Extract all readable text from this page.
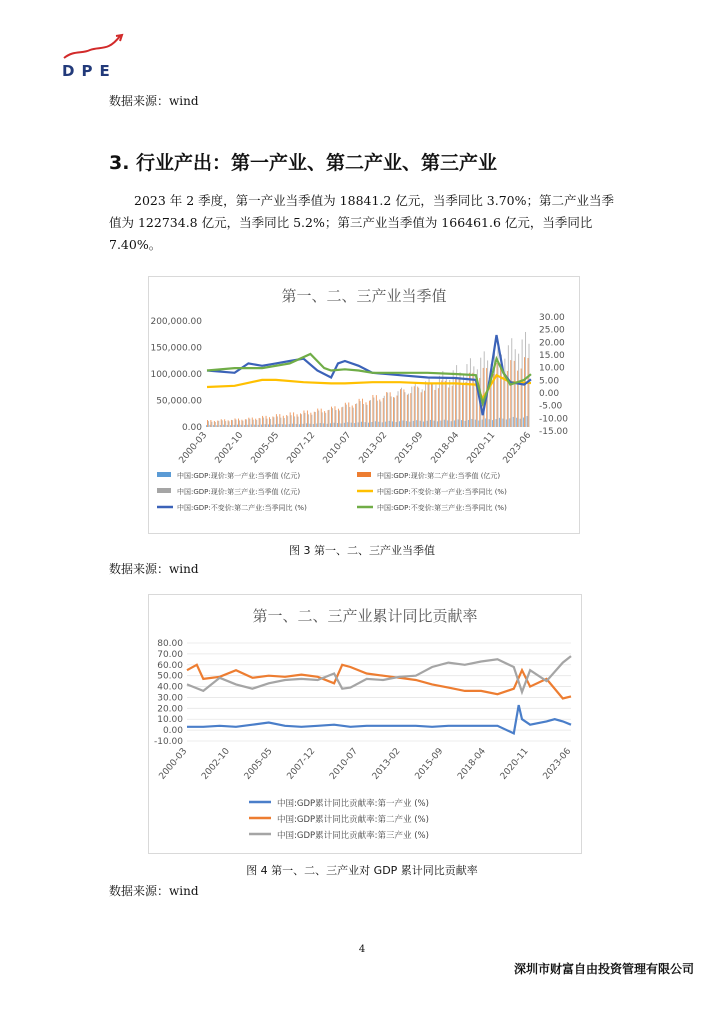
DPE
数据来源：wind
3. 行业产出：第一产业、第二产业、第三产业
2023 年 2 季度，第一产业当季值为 18841.2 亿元，当季同比 3.70%；第二产业当季值为 122734.8 亿元，当季同比 5.2%；第三产业当季值为 166461.6 亿元，当季同比 7.40%。
第一、二、三产业当季值
200,000.00
150,000.00
100,000.00
50,000.00
0.00
30.00
25.00
20.00
15.00
10.00
5.00
0.00
-5.00
-10.00
-15.00
2000-03 2002-10 2005-05 2007-12 2010-07 2013-02 2015-09 2018-04 2020-11 2023-06
中国:GDP:现价:第一产业:当季值 (亿元)	中国:GDP:现价:第二产业:当季值 (亿元)
中国:GDP:现价:第三产业:当季值 (亿元)	中国:GDP:不变价:第一产业:当季同比 (%)
中国:GDP:不变价:第二产业:当季同比 (%)	中国:GDP:不变价:第三产业:当季同比 (%)
图 3 第一、二、三产业当季值
数据来源：wind
第一、二、三产业累计同比贡献率
80.00
70.00
60.00
50.00
40.00
30.00
20.00
10.00
0.00
-10.00
2000-03 2002-10 2005-05 2007-12 2010-07 2013-02 2015-09 2018-04 2020-11 2023-06
中国:GDP累计同比贡献率:第一产业 (%)
中国:GDP累计同比贡献率:第二产业 (%)
中国:GDP累计同比贡献率:第三产业 (%)
图 4 第一、二、三产业对 GDP 累计同比贡献率
数据来源：wind
4
深圳市财富自由投资管理有限公司
